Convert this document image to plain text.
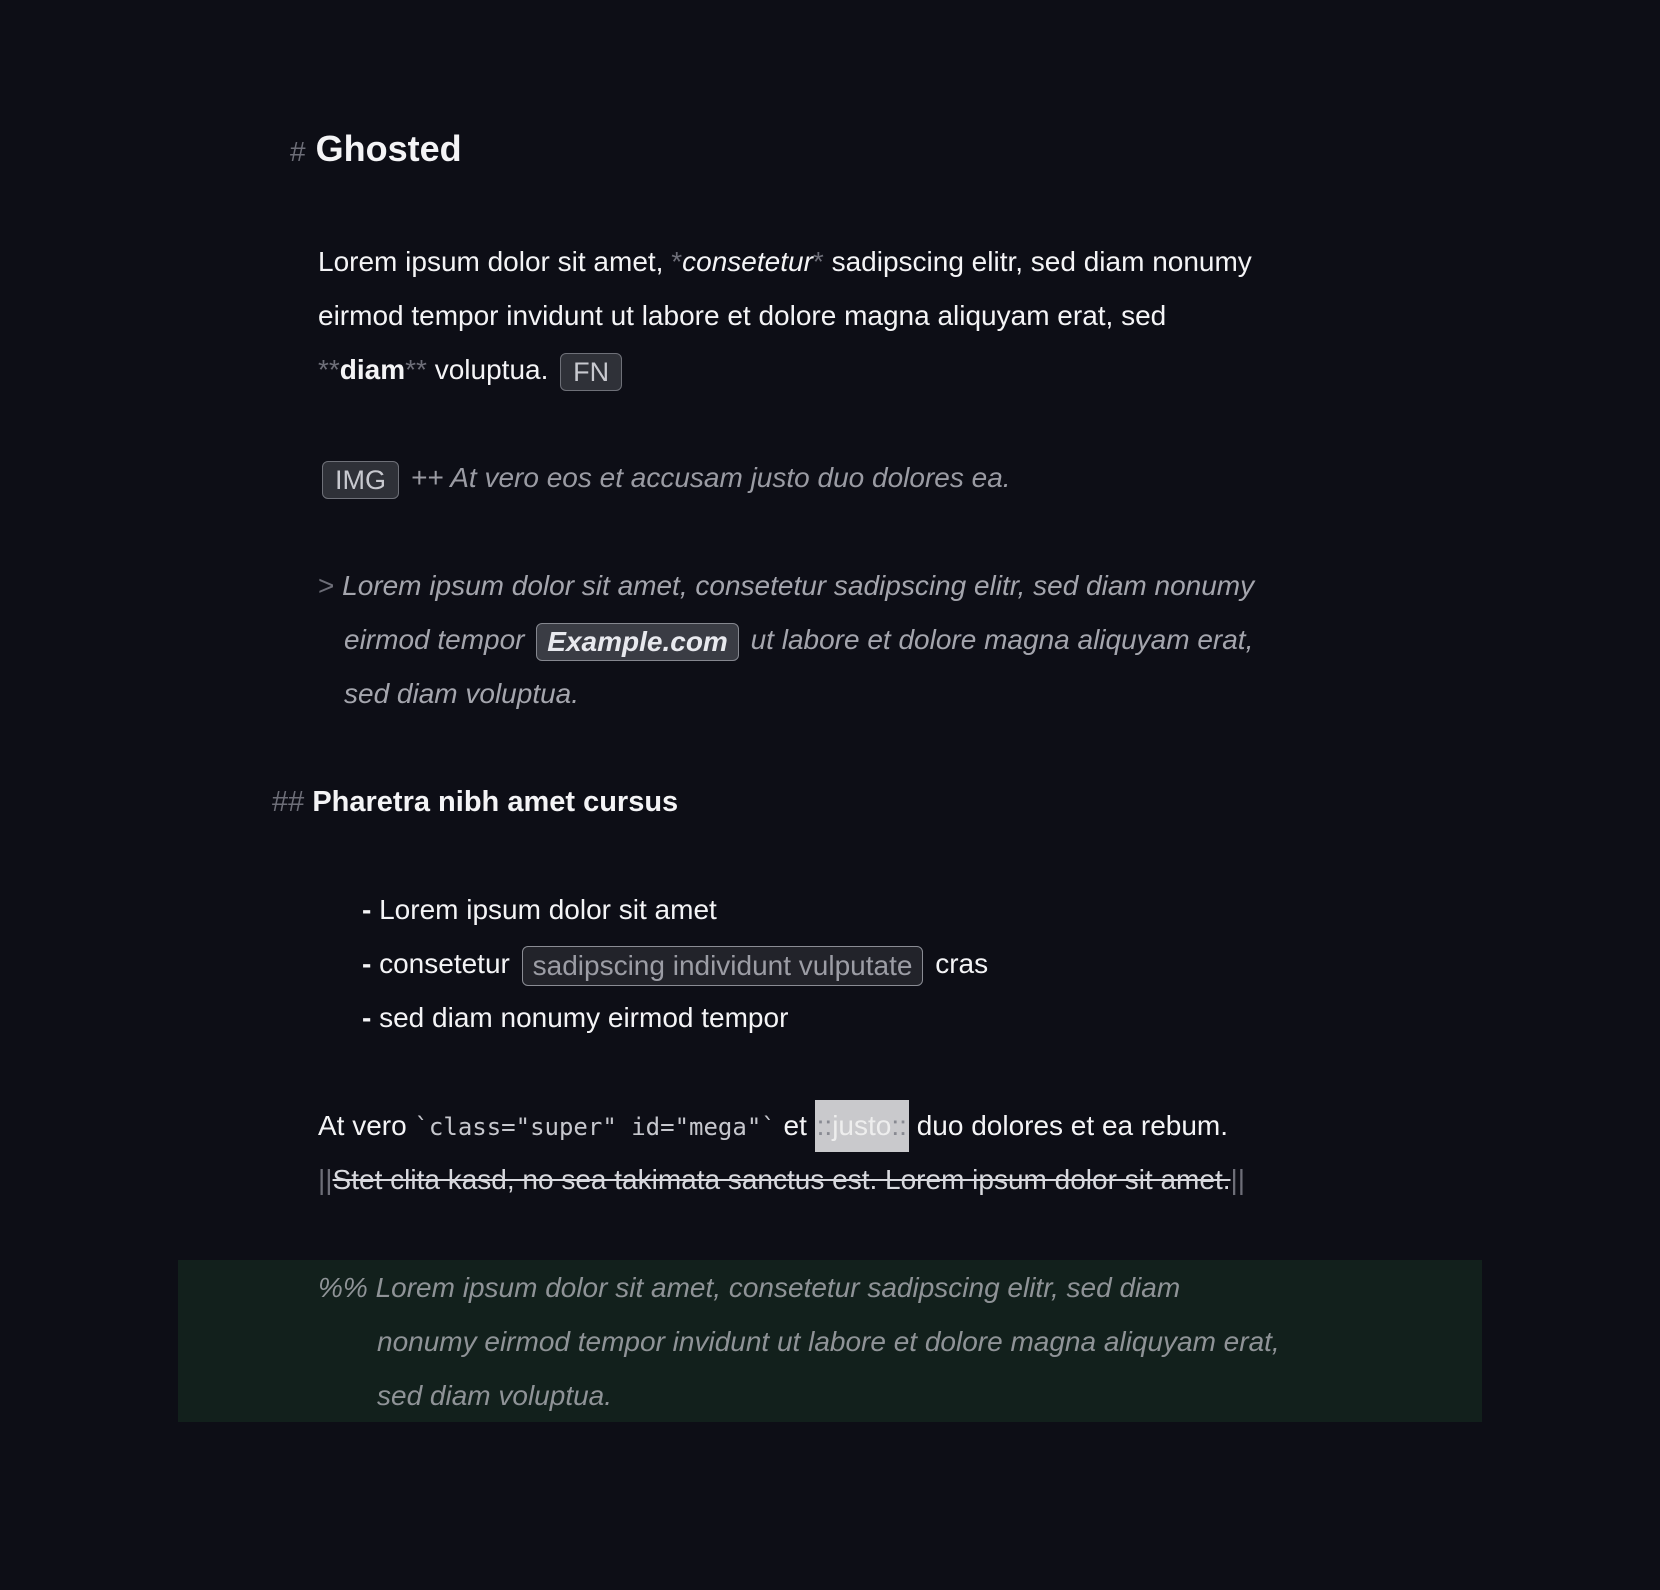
# Ghosted
Lorem ipsum dolor sit amet, *consetetur* sadipscing elitr, sed diam nonumy
eirmod tempor invidunt ut labore et dolore magna aliquyam erat, sed
**diam** voluptua. FN
IMG ++ At vero eos et accusam justo duo dolores ea.
> Lorem ipsum dolor sit amet, consetetur sadipscing elitr, sed diam nonumy
eirmod tempor Example.com ut labore et dolore magna aliquyam erat,
sed diam voluptua.
## Pharetra nibh amet cursus
- Lorem ipsum dolor sit amet
- consetetur sadipscing individunt vulputate cras
- sed diam nonumy eirmod tempor
At vero `class="super" id="mega"` et ::justo:: duo dolores et ea rebum.
||Stet clita kasd, no sea takimata sanctus est. Lorem ipsum dolor sit amet.||
%% Lorem ipsum dolor sit amet, consetetur sadipscing elitr, sed diam
nonumy eirmod tempor invidunt ut labore et dolore magna aliquyam erat,
sed diam voluptua.
